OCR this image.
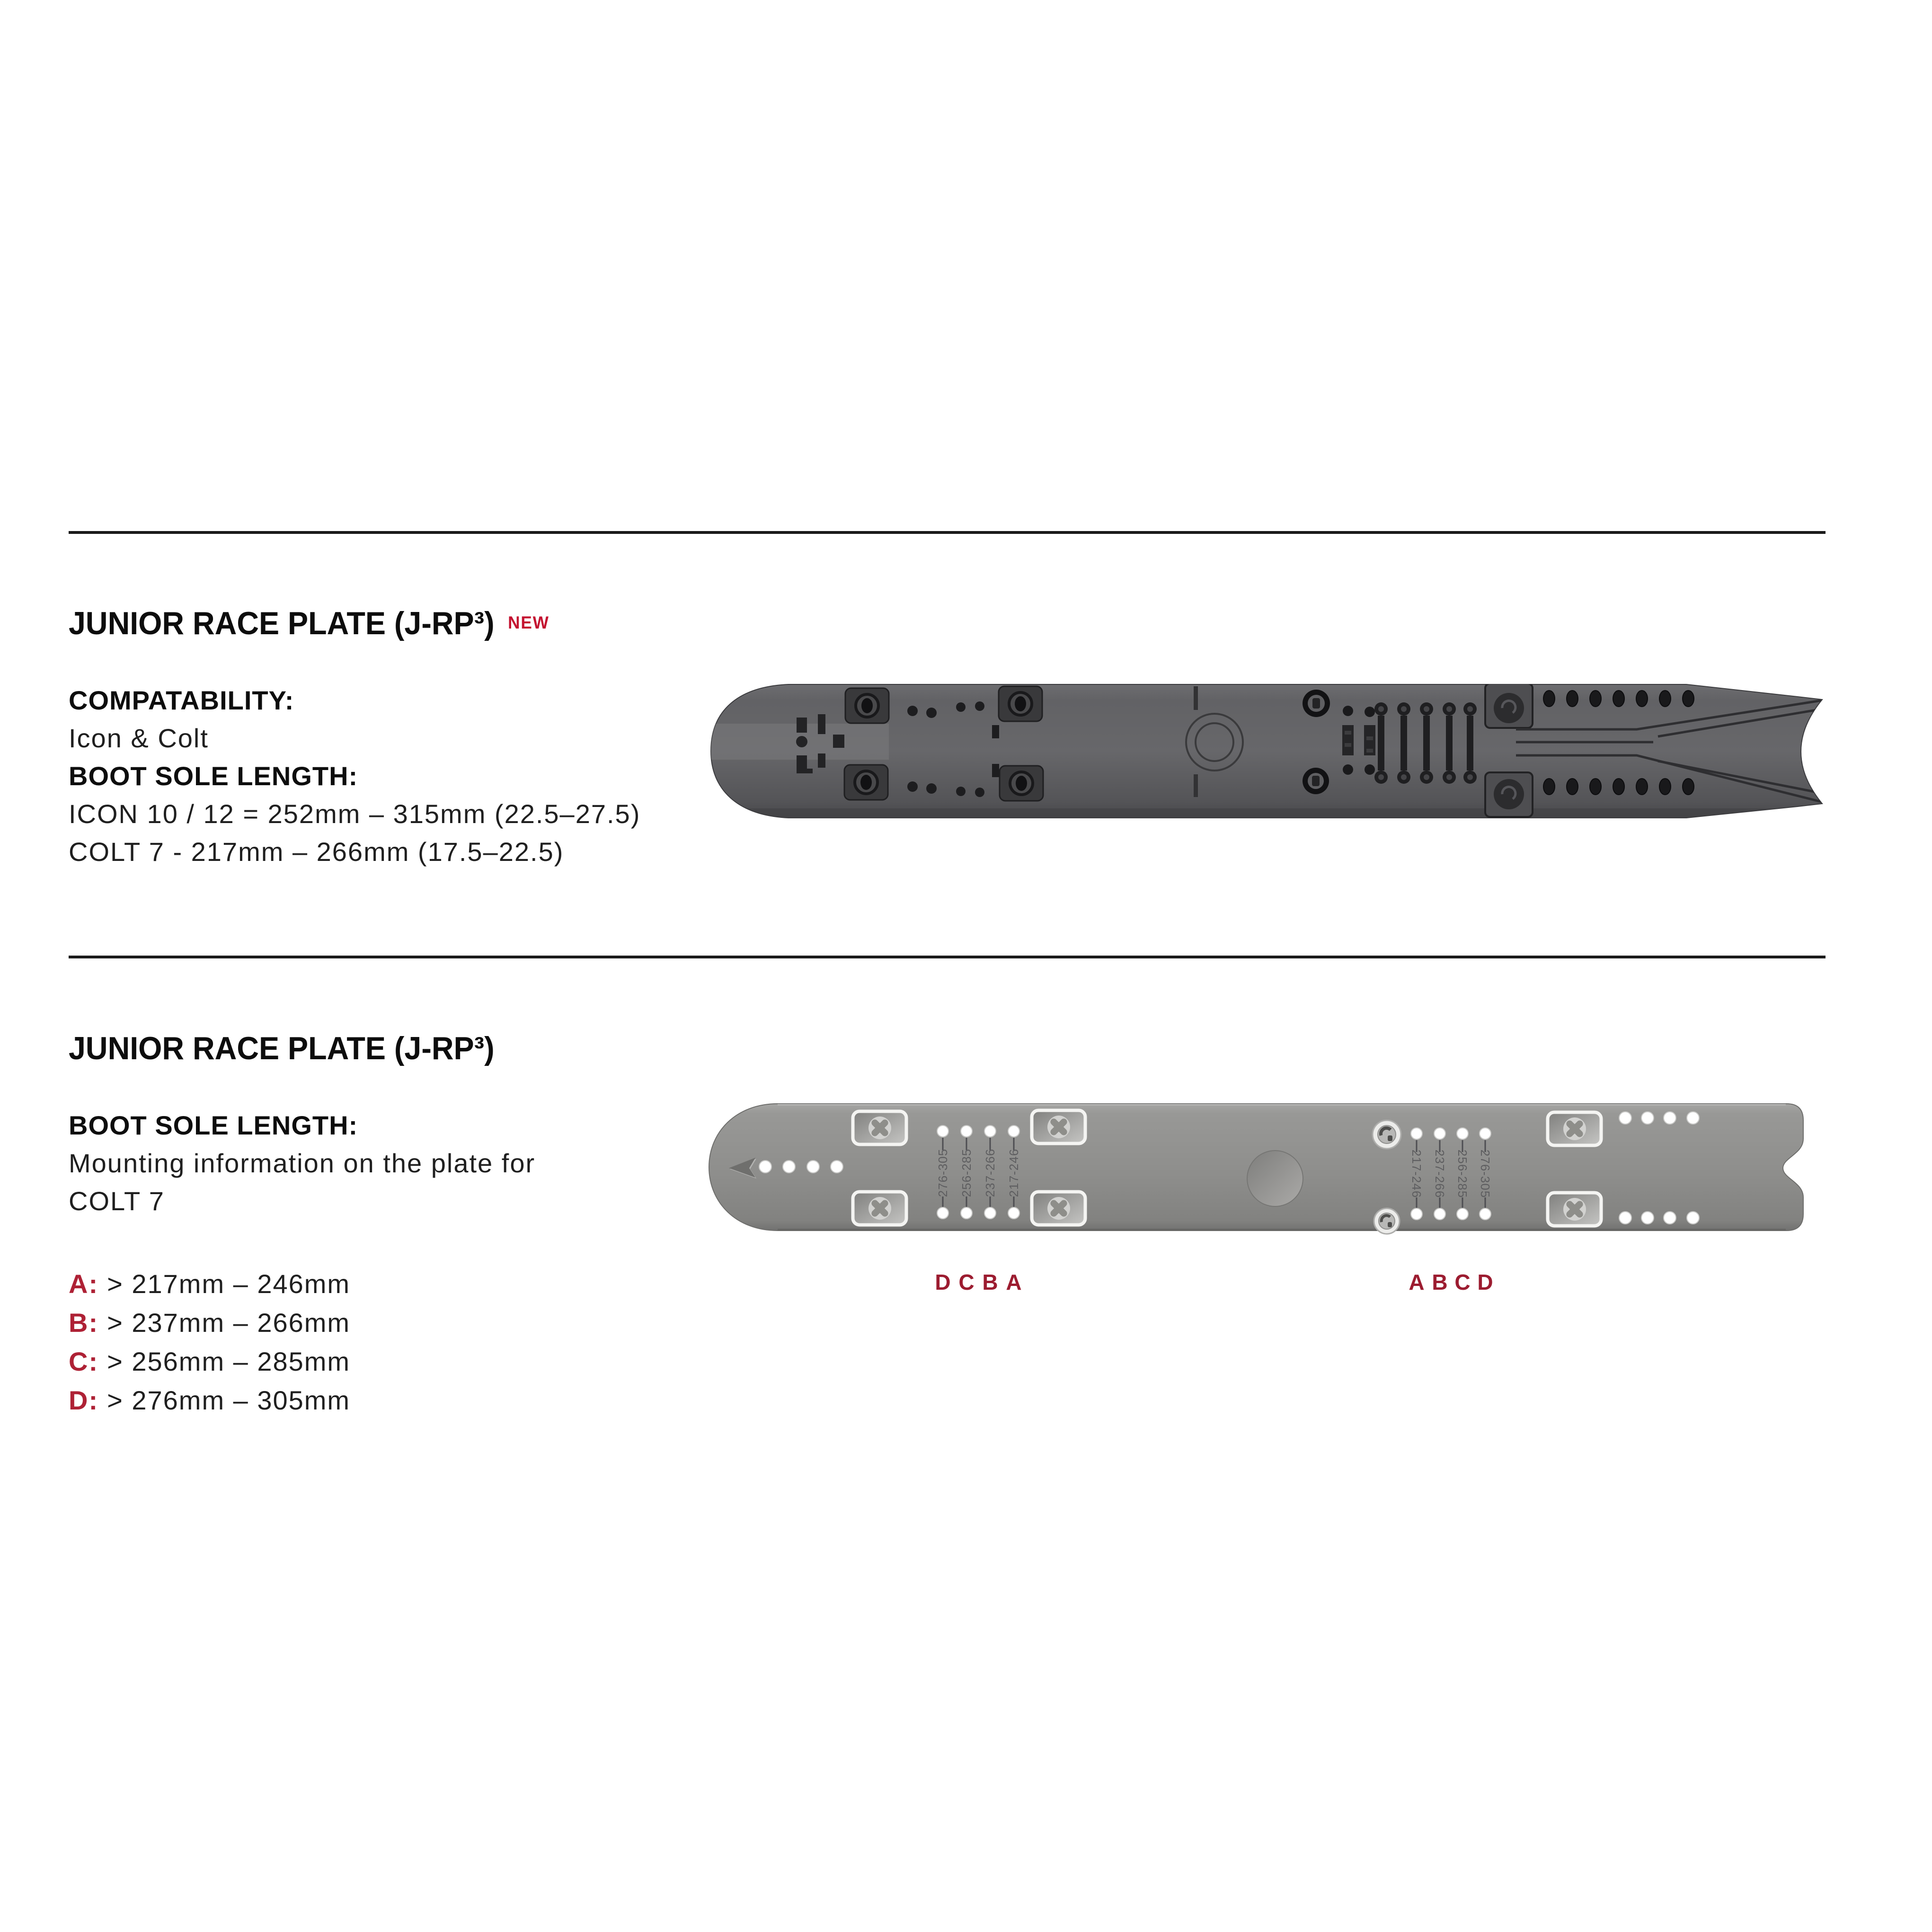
JUNIOR RACE PLATE (J-RP³) NEW
COMPATABILITY:
Icon & Colt
BOOT SOLE LENGTH:
ICON 10 / 12 = 252mm – 315mm (22.5–27.5)
COLT 7 - 217mm – 266mm (17.5–22.5)
JUNIOR RACE PLATE (J-RP³)
BOOT SOLE LENGTH:
Mounting information on the plate for
COLT 7
A: > 217mm – 246mm
B: > 237mm – 266mm
C: > 256mm – 285mm
D: > 276mm – 305mm
276-305 256-285 237-266 217-246	217-246 237-266 256-285 276-305
D C B A	A B C D
